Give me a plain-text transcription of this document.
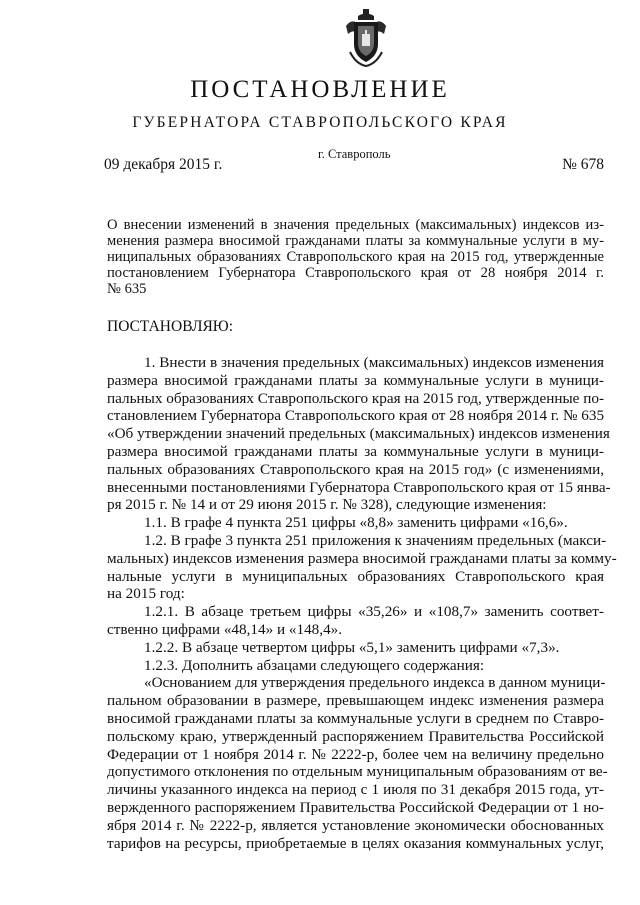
ПОСТАНОВЛЕНИЕ
ГУБЕРНАТОРА СТАВРОПОЛЬСКОГО КРАЯ
г. Ставрополь
09 декабря 2015 г.	№ 678
О внесении изменений в значения предельных (максимальных) индексов из-
менения размера вносимой гражданами платы за коммунальные услуги в му-
ниципальных образованиях Ставропольского края на 2015 год, утвержденные
постановлением Губернатора Ставропольского края от 28 ноября 2014 г.
№ 635
ПОСТАНОВЛЯЮ:
1. Внести в значения предельных (максимальных) индексов изменения
размера вносимой гражданами платы за коммунальные услуги в муници-
пальных образованиях Ставропольского края на 2015 год, утвержденные по-
становлением Губернатора Ставропольского края от 28 ноября 2014 г. № 635
«Об утверждении значений предельных (максимальных) индексов изменения
размера вносимой гражданами платы за коммунальные услуги в муници-
пальных образованиях Ставропольского края на 2015 год» (с изменениями,
внесенными постановлениями Губернатора Ставропольского края от 15 янва-
ря 2015 г. № 14 и от 29 июня 2015 г. № 328), следующие изменения:
1.1. В графе 4 пункта 251 цифры «8,8» заменить цифрами «16,6».
1.2. В графе 3 пункта 251 приложения к значениям предельных (макси-
мальных) индексов изменения размера вносимой гражданами платы за комму-
нальные услуги в муниципальных образованиях Ставропольского края
на 2015 год:
1.2.1. В абзаце третьем цифры «35,26» и «108,7» заменить соответ-
ственно цифрами «48,14» и «148,4».
1.2.2. В абзаце четвертом цифры «5,1» заменить цифрами «7,3».
1.2.3. Дополнить абзацами следующего содержания:
«Основанием для утверждения предельного индекса в данном муници-
пальном образовании в размере, превышающем индекс изменения размера
вносимой гражданами платы за коммунальные услуги в среднем по Ставро-
польскому краю, утвержденный распоряжением Правительства Российской
Федерации от 1 ноября 2014 г. № 2222-р, более чем на величину предельно
допустимого отклонения по отдельным муниципальным образованиям от ве-
личины указанного индекса на период с 1 июля по 31 декабря 2015 года, ут-
вержденного распоряжением Правительства Российской Федерации от 1 но-
ября 2014 г. № 2222-р, является установление экономически обоснованных
тарифов на ресурсы, приобретаемые в целях оказания коммунальных услуг,
